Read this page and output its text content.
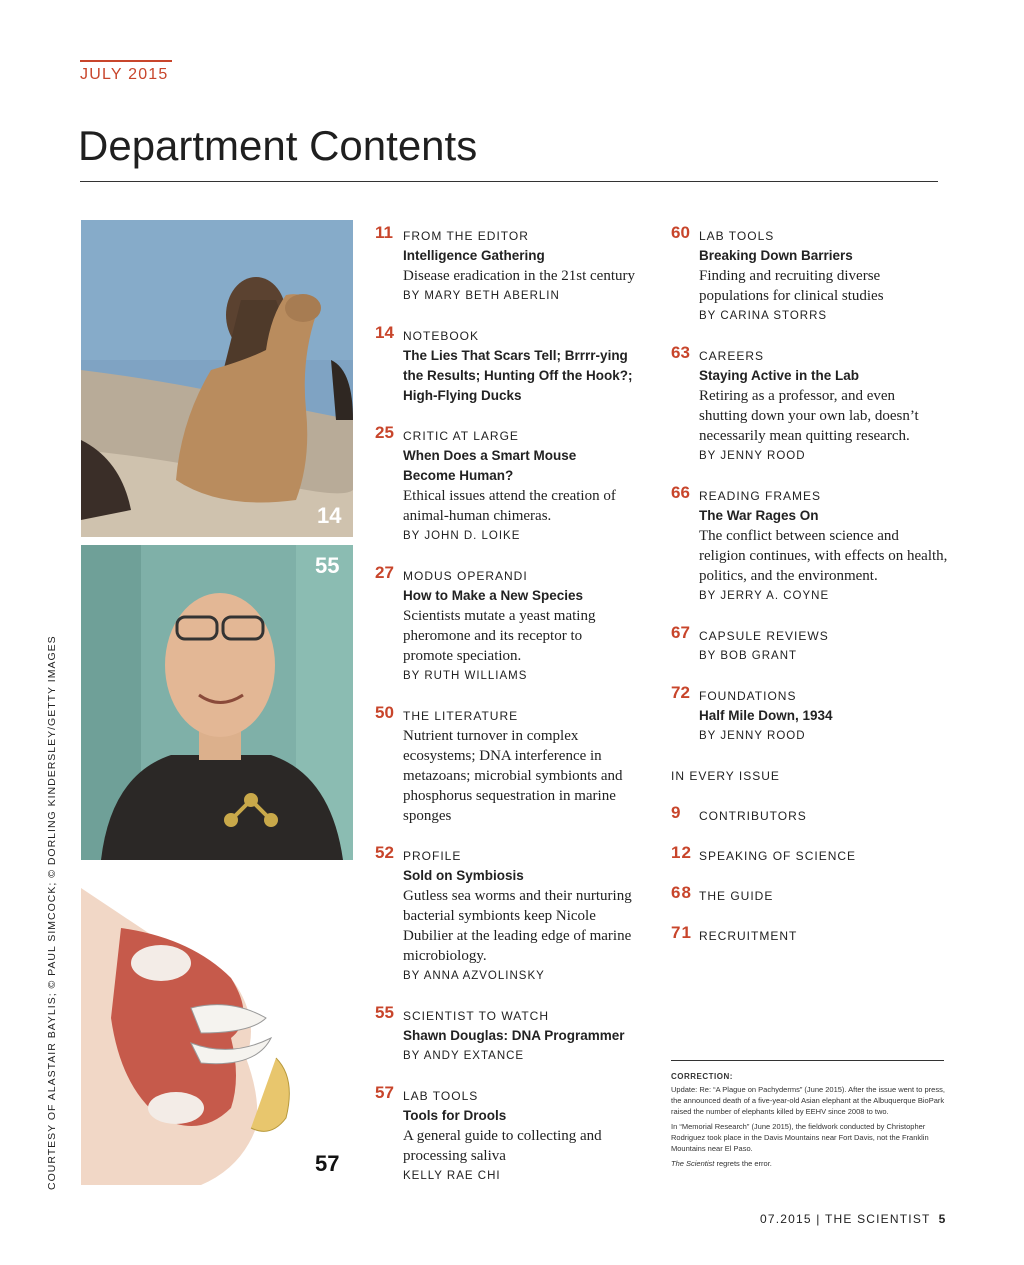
JULY 2015
Department Contents
COURTESY OF ALASTAIR BAYLIS; © PAUL SIMCOCK; © DORLING KINDERSLEY/GETTY IMAGES
14
55
57
11 FROM THE EDITOR
Intelligence Gathering
Disease eradication in the 21st century
BY MARY BETH ABERLIN
14 NOTEBOOK
The Lies That Scars Tell; Brrrr-ying the Results; Hunting Off the Hook?; High-Flying Ducks
25 CRITIC AT LARGE
When Does a Smart Mouse Become Human?
Ethical issues attend the creation of animal-human chimeras.
BY JOHN D. LOIKE
27 MODUS OPERANDI
How to Make a New Species
Scientists mutate a yeast mating pheromone and its receptor to promote speciation.
BY RUTH WILLIAMS
50 THE LITERATURE
Nutrient turnover in complex ecosystems; DNA interference in metazoans; microbial symbionts and phosphorus sequestration in marine sponges
52 PROFILE
Sold on Symbiosis
Gutless sea worms and their nurturing bacterial symbionts keep Nicole Dubilier at the leading edge of marine microbiology.
BY ANNA AZVOLINSKY
55 SCIENTIST TO WATCH
Shawn Douglas: DNA Programmer
BY ANDY EXTANCE
57 LAB TOOLS
Tools for Drools
A general guide to collecting and processing saliva
KELLY RAE CHI
60 LAB TOOLS
Breaking Down Barriers
Finding and recruiting diverse populations for clinical studies
BY CARINA STORRS
63 CAREERS
Staying Active in the Lab
Retiring as a professor, and even shutting down your own lab, doesn’t necessarily mean quitting research.
BY JENNY ROOD
66 READING FRAMES
The War Rages On
The conflict between science and religion continues, with effects on health, politics, and the environment.
BY JERRY A. COYNE
67 CAPSULE REVIEWS
BY BOB GRANT
72 FOUNDATIONS
Half Mile Down, 1934
BY JENNY ROOD
IN EVERY ISSUE
9 CONTRIBUTORS
12 SPEAKING OF SCIENCE
68 THE GUIDE
71 RECRUITMENT
CORRECTION:

Update: Re: “A Plague on Pachyderms” (June 2015). After the issue went to press, the announced death of a five-year-old Asian elephant at the Albuquerque BioPark raised the number of elephants killed by EEHV since 2008 to two.

In “Memorial Research” (June 2015), the fieldwork conducted by Christopher Rodriguez took place in the Davis Mountains near Fort Davis, not the Franklin Mountains near El Paso.

The Scientist regrets the error.

07.2015 | THE SCIENTIST 5
